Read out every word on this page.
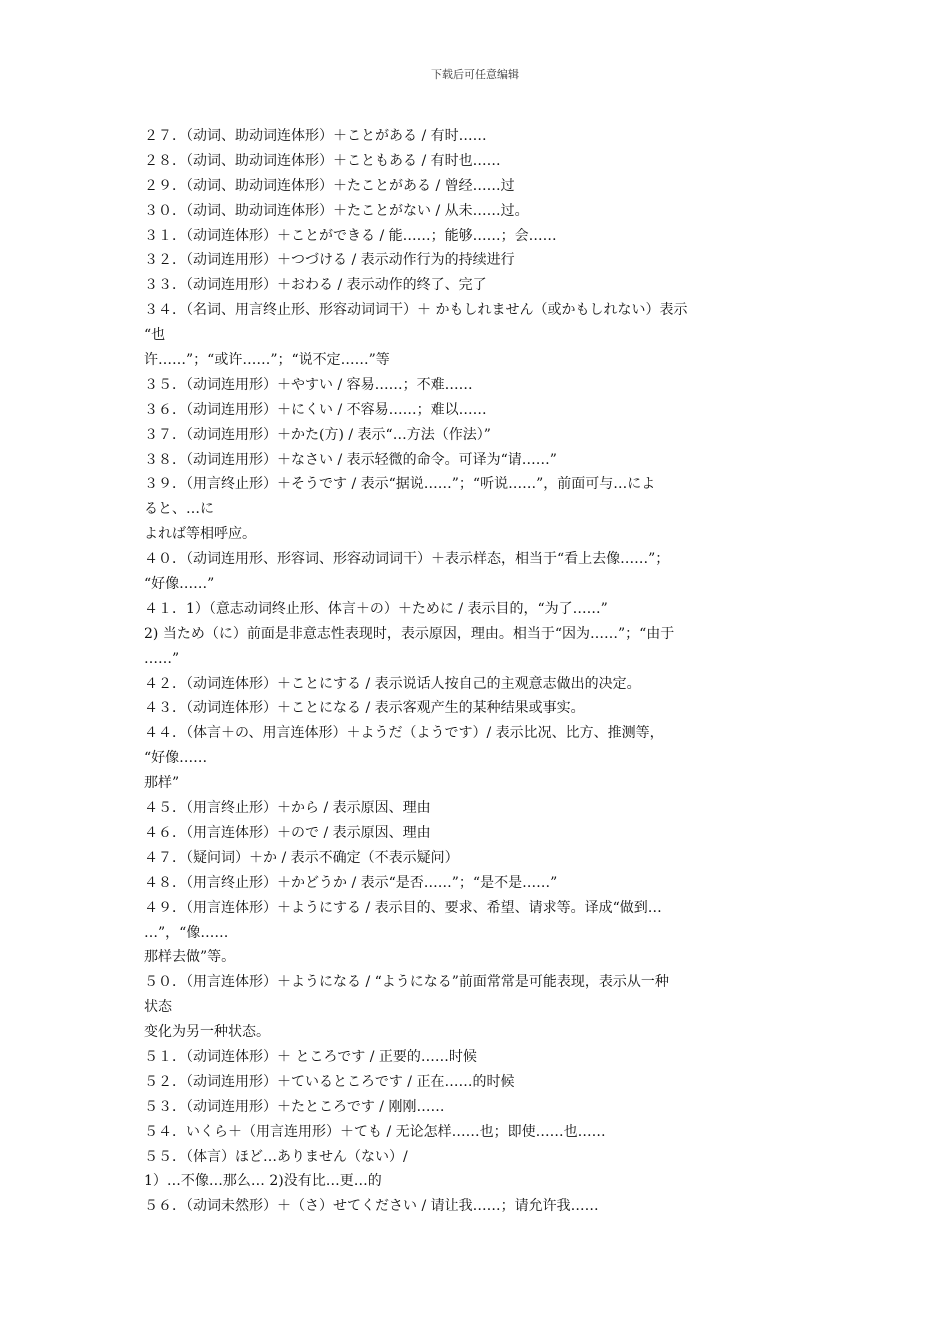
下载后可任意编辑
２７．（动词、助动词连体形）＋ことがある / 有时……
２８．（动词、助动词连体形）＋こともある / 有时也……
２９．（动词、助动词连体形）＋たことがある / 曾经……过
３０．（动词、助动词连体形）＋たことがない / 从未……过。
３１．（动词连体形）＋ことができる / 能……；能够……；会……
３２．（动词连用形）＋つづける / 表示动作行为的持续进行
３３．（动词连用形）＋おわる / 表示动作的终了、完了
３４．（名词、用言终止形、形容动词词干）＋ かもしれません（或かもしれない）表示
“也
许……”；“或许……”；“说不定……”等
３５．（动词连用形）＋やすい / 容易……；不难……
３６．（动词连用形）＋にくい / 不容易……；难以……
３７．（动词连用形）＋かた(方) / 表示“…方法（作法）”
３８．（动词连用形）＋なさい / 表示轻微的命令。可译为“请……”
３９．（用言终止形）＋そうです / 表示“据说……”；“听说……”，前面可与…によ
ると、…に
よれば等相呼应。
４０．（动词连用形、形容词、形容动词词干）＋表示样态，相当于“看上去像……”；
“好像……”
４１．1）（意志动词终止形、体言＋の）＋ために / 表示目的，“为了……”
2) 当ため（に）前面是非意志性表现时，表示原因，理由。相当于“因为……”；“由于
……”
４２．（动词连体形）＋ことにする / 表示说话人按自己的主观意志做出的决定。
４３．（动词连体形）＋ことになる / 表示客观产生的某种结果或事实。
４４．（体言＋の、用言连体形）＋ようだ（ようです）/ 表示比况、比方、推测等，
“好像……
那样”
４５．（用言终止形）＋から / 表示原因、理由
４６．（用言连体形）＋ので / 表示原因、理由
４７．（疑问词）＋か / 表示不确定（不表示疑问）
４８．（用言终止形）＋かどうか / 表示“是否……”；“是不是……”
４９．（用言连体形）＋ようにする / 表示目的、要求、希望、请求等。译成“做到…
…”，“像……
那样去做”等。
５０．（用言连体形）＋ようになる / “ようになる”前面常常是可能表现，表示从一种
状态
变化为另一种状态。
５１．（动词连体形）＋ ところです / 正要的……时候
５２．（动词连用形）＋ているところです / 正在……的时候
５３．（动词连用形）＋たところです / 刚刚……
５４．いくら＋（用言连用形）＋ても / 无论怎样……也；即使……也……
５５．（体言）ほど…ありません（ない）/
1）…不像…那么… 2)没有比…更…的
５６．（动词未然形）＋（さ）せてください / 请让我……；请允许我……
